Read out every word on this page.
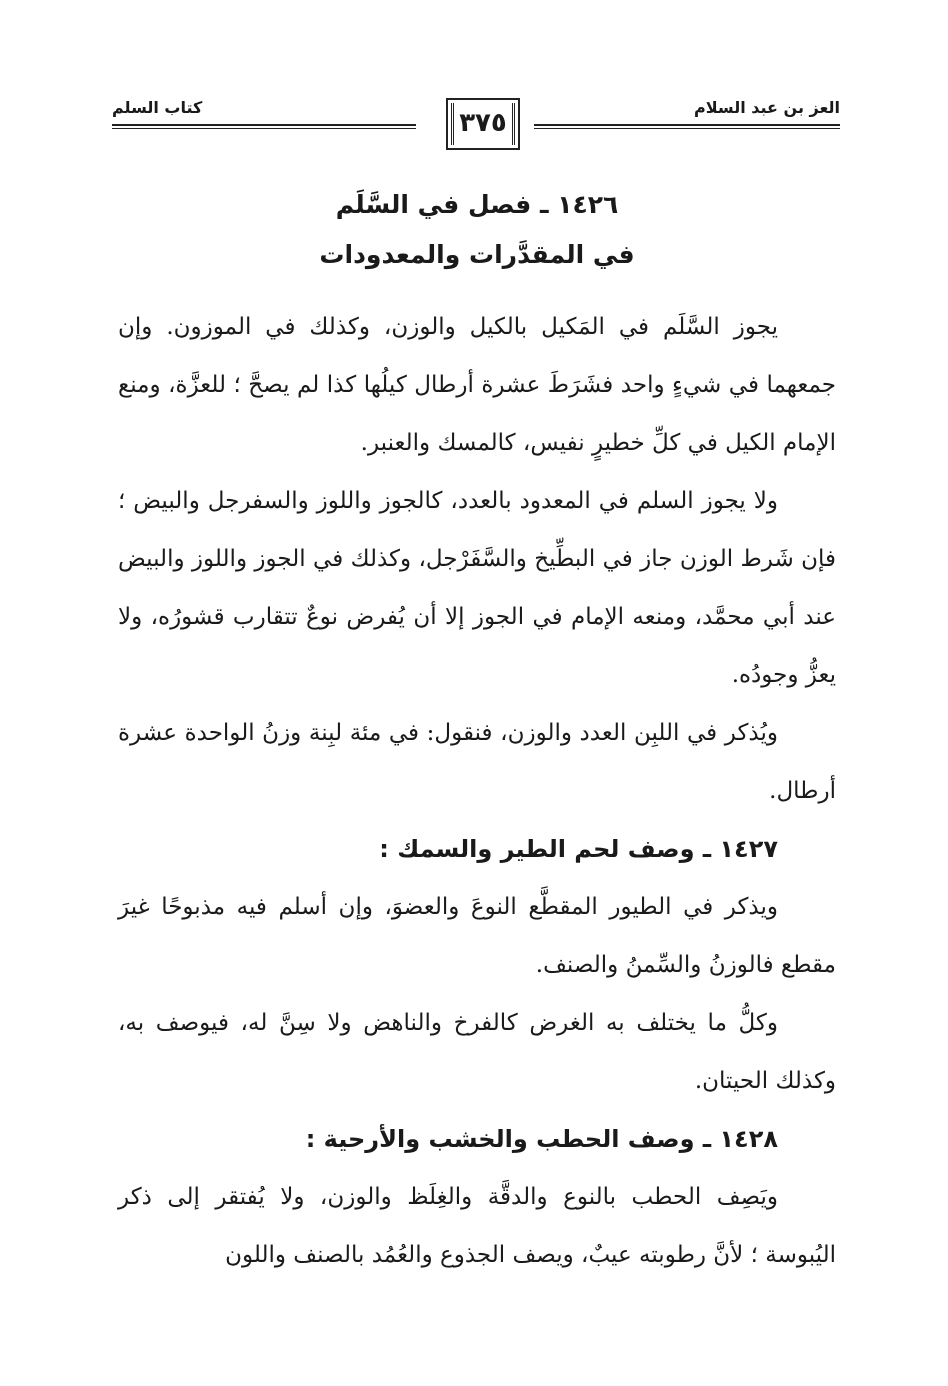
العز بن عبد السلام
كتاب السلم
٣٧٥
١٤٢٦ ـ فصل في السَّلَم
في المقدَّرات والمعدودات

يجوز السَّلَم في المَكيل بالكيل والوزن، وكذلك في الموزون. وإن جمعهما في شيءٍ واحد فشَرَطَ عشرة أرطال كيلُها كذا لم يصحَّ ؛ للعزَّة، ومنع الإمام الكيل في كلِّ خطيرٍ نفيس، كالمسك والعنبر.

ولا يجوز السلم في المعدود بالعدد، كالجوز واللوز والسفرجل والبيض ؛ فإن شَرط الوزن جاز في البطِّيخ والسَّفَرْجل، وكذلك في الجوز واللوز والبيض عند أبي محمَّد، ومنعه الإمام في الجوز إلا أن يُفرض نوعٌ تتقارب قشورُه، ولا يعزُّ وجودُه.

ويُذكر في اللبِن العدد والوزن، فنقول: في مئة لبِنة وزنُ الواحدة عشرة أرطال.

١٤٢٧ ـ وصف لحم الطير والسمك :

ويذكر في الطيور المقطَّع النوعَ والعضوَ، وإن أسلم فيه مذبوحًا غيرَ مقطع فالوزنُ والسِّمنُ والصنف.

وكلُّ ما يختلف به الغرض كالفرخ والناهض ولا سِنَّ له، فيوصف به، وكذلك الحيتان.

١٤٢٨ ـ وصف الحطب والخشب والأرحية :

ويَصِف الحطب بالنوع والدقَّة والغِلَظ والوزن، ولا يُفتقر إلى ذكر اليُبوسة ؛ لأنَّ رطوبته عيبٌ، ويصف الجذوع والعُمُد بالصنف واللون
